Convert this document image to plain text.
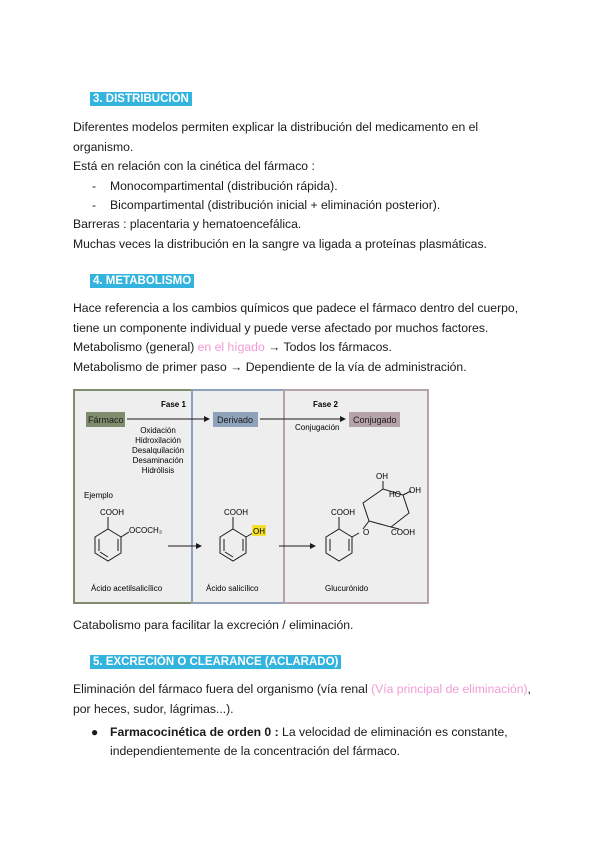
3. DISTRIBUCIÓN
Diferentes modelos permiten explicar la distribución del medicamento en el
organismo.
Está en relación con la cinética del fármaco :
- Monocompartimental (distribución rápida).
- Bicompartimental (distribución inicial + eliminación posterior).
Barreras : placentaria y hematoencefálica.
Muchas veces la distribución en la sangre va ligada a proteínas plasmáticas.
4. METABOLISMO
Hace referencia a los cambios químicos que padece el fármaco dentro del cuerpo,
tiene un componente individual y puede verse afectado por muchos factores.
Metabolismo (general) en el hígado → Todos los fármacos.
Metabolismo de primer paso → Dependiente de la vía de administración.
Fármaco	Derivado	Conjugado
Fase 1	Fase 2
Conjugación
Oxidación
Hidroxilación
Desalquilación
Desaminación
Hidrólisis
Ejemplo
COOH
OCOCH₃
Ácido acetilsalicílico
COOH
OH
Ácido salicílico
COOH
O
OH
OH
HO
COOH
Glucurónido
Catabolismo para facilitar la excreción / eliminación.
5. EXCRECIÓN O CLEARANCE (ACLARADO)
Eliminación del fármaco fuera del organismo (vía renal (Vía principal de eliminación),
por heces, sudor, lágrimas...).
● Farmacocinética de orden 0 : La velocidad de eliminación es constante,
independientemente de la concentración del fármaco.
